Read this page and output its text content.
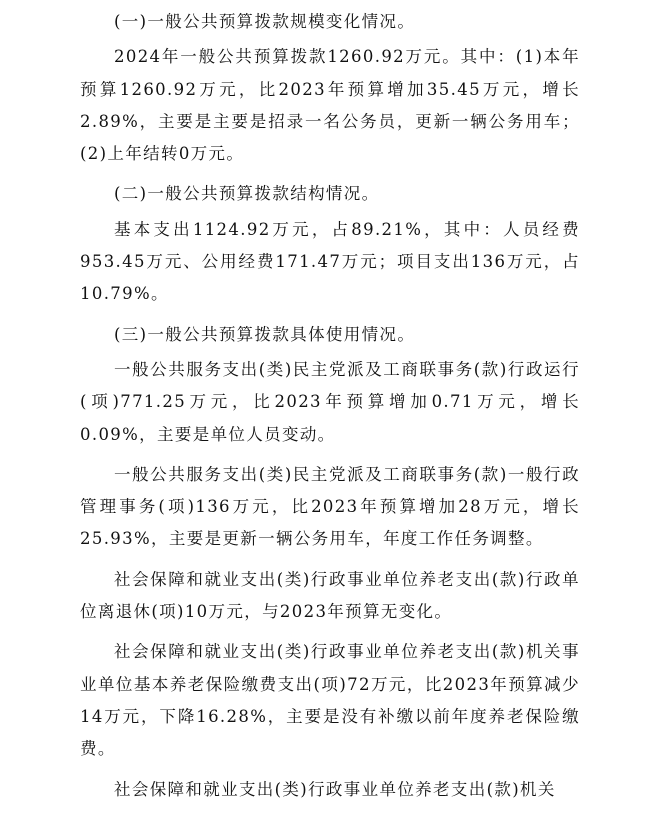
(一)一般公共预算拨款规模变化情况。

2024年一般公共预算拨款1260.92万元。其中：(1)本年预算1260.92万元，比2023年预算增加35.45万元，增长2.89%，主要是主要是招录一名公务员，更新一辆公务用车；(2)上年结转0万元。

(二)一般公共预算拨款结构情况。

基本支出1124.92万元，占89.21%，其中：人员经费953.45万元、公用经费171.47万元；项目支出136万元，占10.79%。

(三)一般公共预算拨款具体使用情况。

一般公共服务支出(类)民主党派及工商联事务(款)行政运行(项)771.25万元，比2023年预算增加0.71万元，增长0.09%，主要是单位人员变动。

一般公共服务支出(类)民主党派及工商联事务(款)一般行政管理事务(项)136万元，比2023年预算增加28万元，增长25.93%，主要是更新一辆公务用车，年度工作任务调整。

社会保障和就业支出(类)行政事业单位养老支出(款)行政单位离退休(项)10万元，与2023年预算无变化。

社会保障和就业支出(类)行政事业单位养老支出(款)机关事业单位基本养老保险缴费支出(项)72万元，比2023年预算减少14万元，下降16.28%，主要是没有补缴以前年度养老保险缴费。

社会保障和就业支出(类)行政事业单位养老支出(款)机关
